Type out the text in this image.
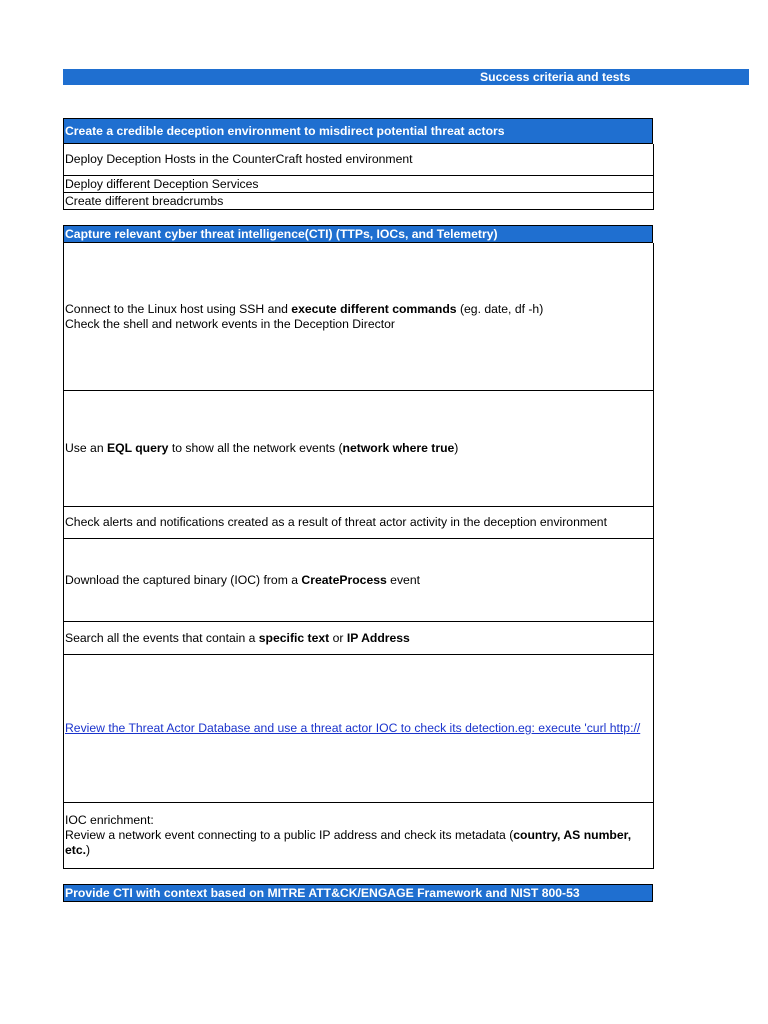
Success criteria and tests
Create a credible deception environment to misdirect potential threat actors
Deploy Deception Hosts in the CounterCraft hosted environment
Deploy different Deception Services
Create different breadcrumbs
Capture relevant cyber threat intelligence(CTI) (TTPs, IOCs, and Telemetry)
Connect to the Linux host using SSH and execute different commands (eg. date, df -h)
Check the shell and network events in the Deception Director
Use an EQL query to show all the network events (network where true)
Check alerts and notifications created as a result of threat actor activity in the deception environment
Download the captured binary (IOC) from a CreateProcess event
Search all the events that contain a specific text or IP Address
Review the Threat Actor Database and use a threat actor IOC to check its detection.eg: execute 'curl http://
IOC enrichment:
Review a network event connecting to a public IP address and check its metadata (country, AS number, etc.)
Provide CTI with context based on MITRE ATT&CK/ENGAGE Framework and NIST 800-53
